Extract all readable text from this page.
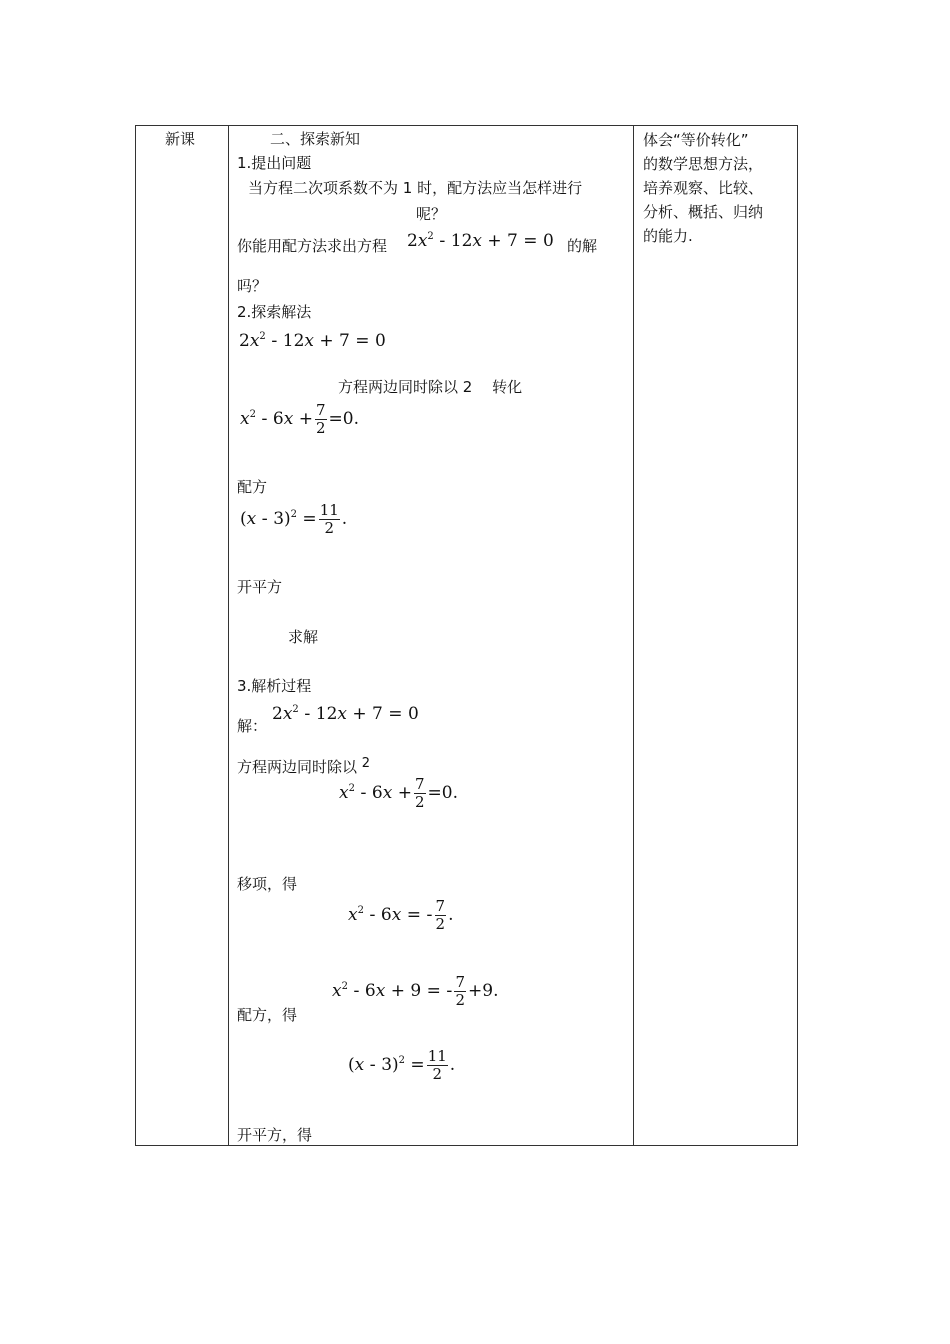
新课	二、探索新知
1.提出问题
当方程二次项系数不为 1 时，配方法应当怎样进行
呢？
你能用配方法求出方程 $2x^2 - 12x + 7 = 0$ 的解
吗？
2.探索解法
$2x^2 - 12x + 7 = 0$
方程两边同时除以 2　 转化
$x^2 - 6x + \frac{7}{2} =0$.
配方
$(x - 3)^2 = \frac{11}{2}$ .
开平方
求解
3.解析过程
解：
$2x^2 - 12x + 7 = 0$
方程两边同时除以 $^2$
$x^2 - 6x + \frac{7}{2} =0$.
移项，得
$x^2 - 6x$ = - $\frac{7}{2}$ .
$x^2 - 6x + 9$ = - $\frac{7}{2} +9$.
配方，得
$(x - 3)^2 = \frac{11}{2}$ .
开平方，得
体会“等价转化”
的数学思想方法，
培养观察、比较、
分析、概括、归纳
的能力.
